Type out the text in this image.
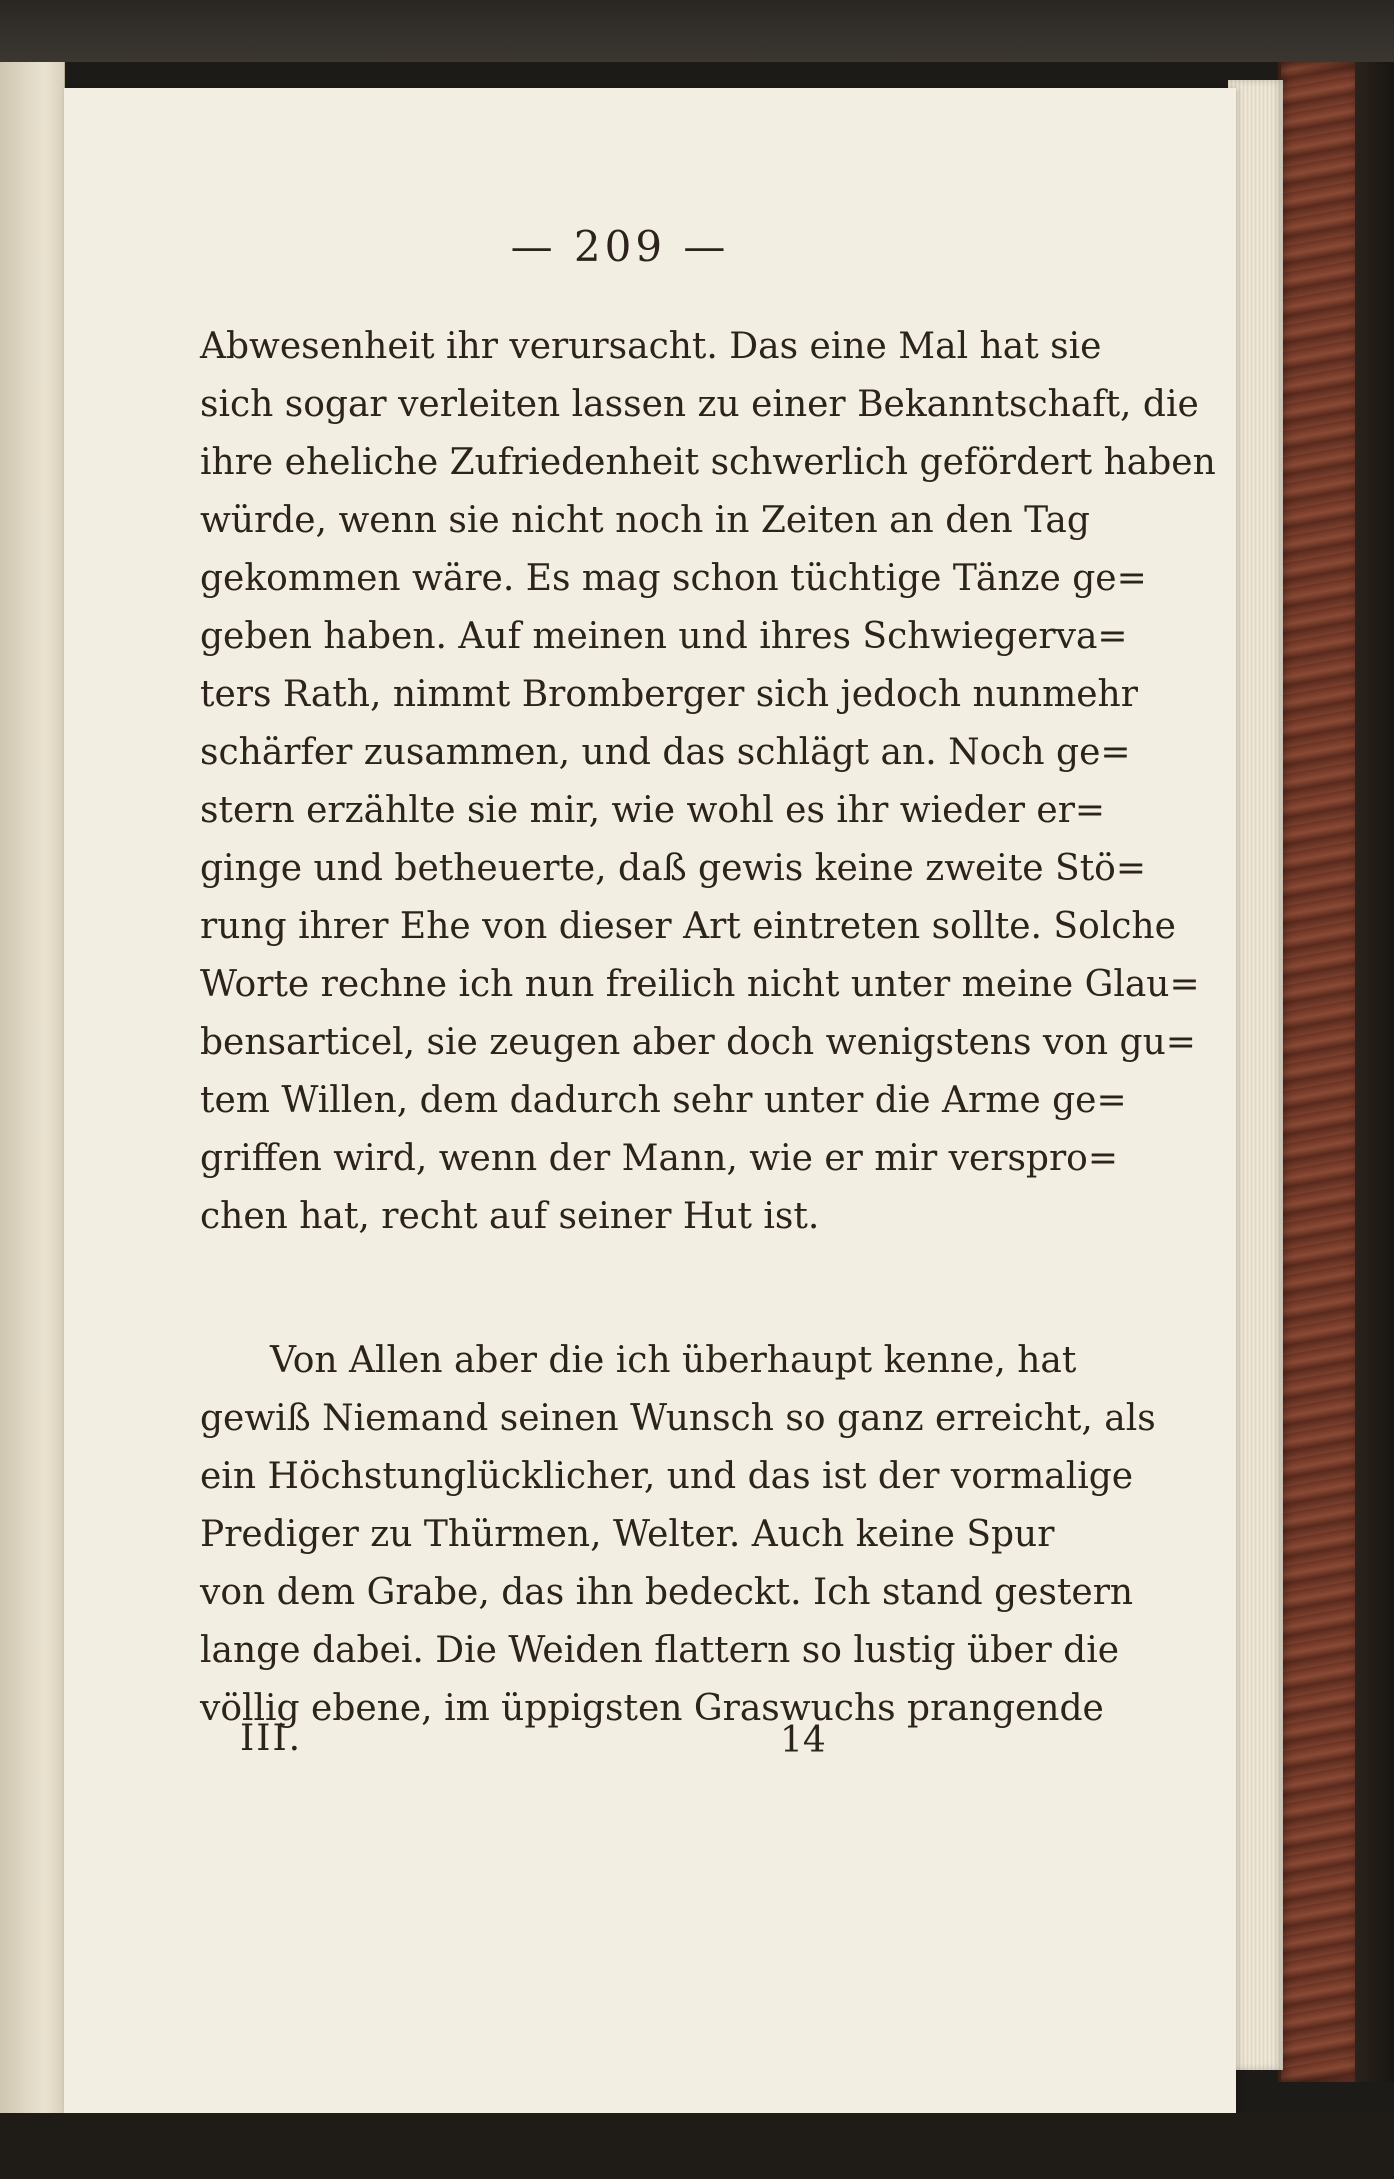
— 209 —
Abwesenheit ihr verursacht. Das eine Mal hat sie
sich sogar verleiten lassen zu einer Bekanntschaft, die
ihre eheliche Zufriedenheit schwerlich gefördert haben
würde, wenn sie nicht noch in Zeiten an den Tag
gekommen wäre. Es mag schon tüchtige Tänze ge=
geben haben. Auf meinen und ihres Schwiegerva=
ters Rath, nimmt Bromberger sich jedoch nunmehr
schärfer zusammen, und das schlägt an. Noch ge=
stern erzählte sie mir, wie wohl es ihr wieder er=
ginge und betheuerte, daß gewis keine zweite Stö=
rung ihrer Ehe von dieser Art eintreten sollte. Solche
Worte rechne ich nun freilich nicht unter meine Glau=
bensarticel, sie zeugen aber doch wenigstens von gu=
tem Willen, dem dadurch sehr unter die Arme ge=
griffen wird, wenn der Mann, wie er mir verspro=
chen hat, recht auf seiner Hut ist.
Von Allen aber die ich überhaupt kenne, hat
gewiß Niemand seinen Wunsch so ganz erreicht, als
ein Höchstunglücklicher, und das ist der vormalige
Prediger zu Thürmen, Welter. Auch keine Spur
von dem Grabe, das ihn bedeckt. Ich stand gestern
lange dabei. Die Weiden flattern so lustig über die
völlig ebene, im üppigsten Graswuchs prangende
III.	14
